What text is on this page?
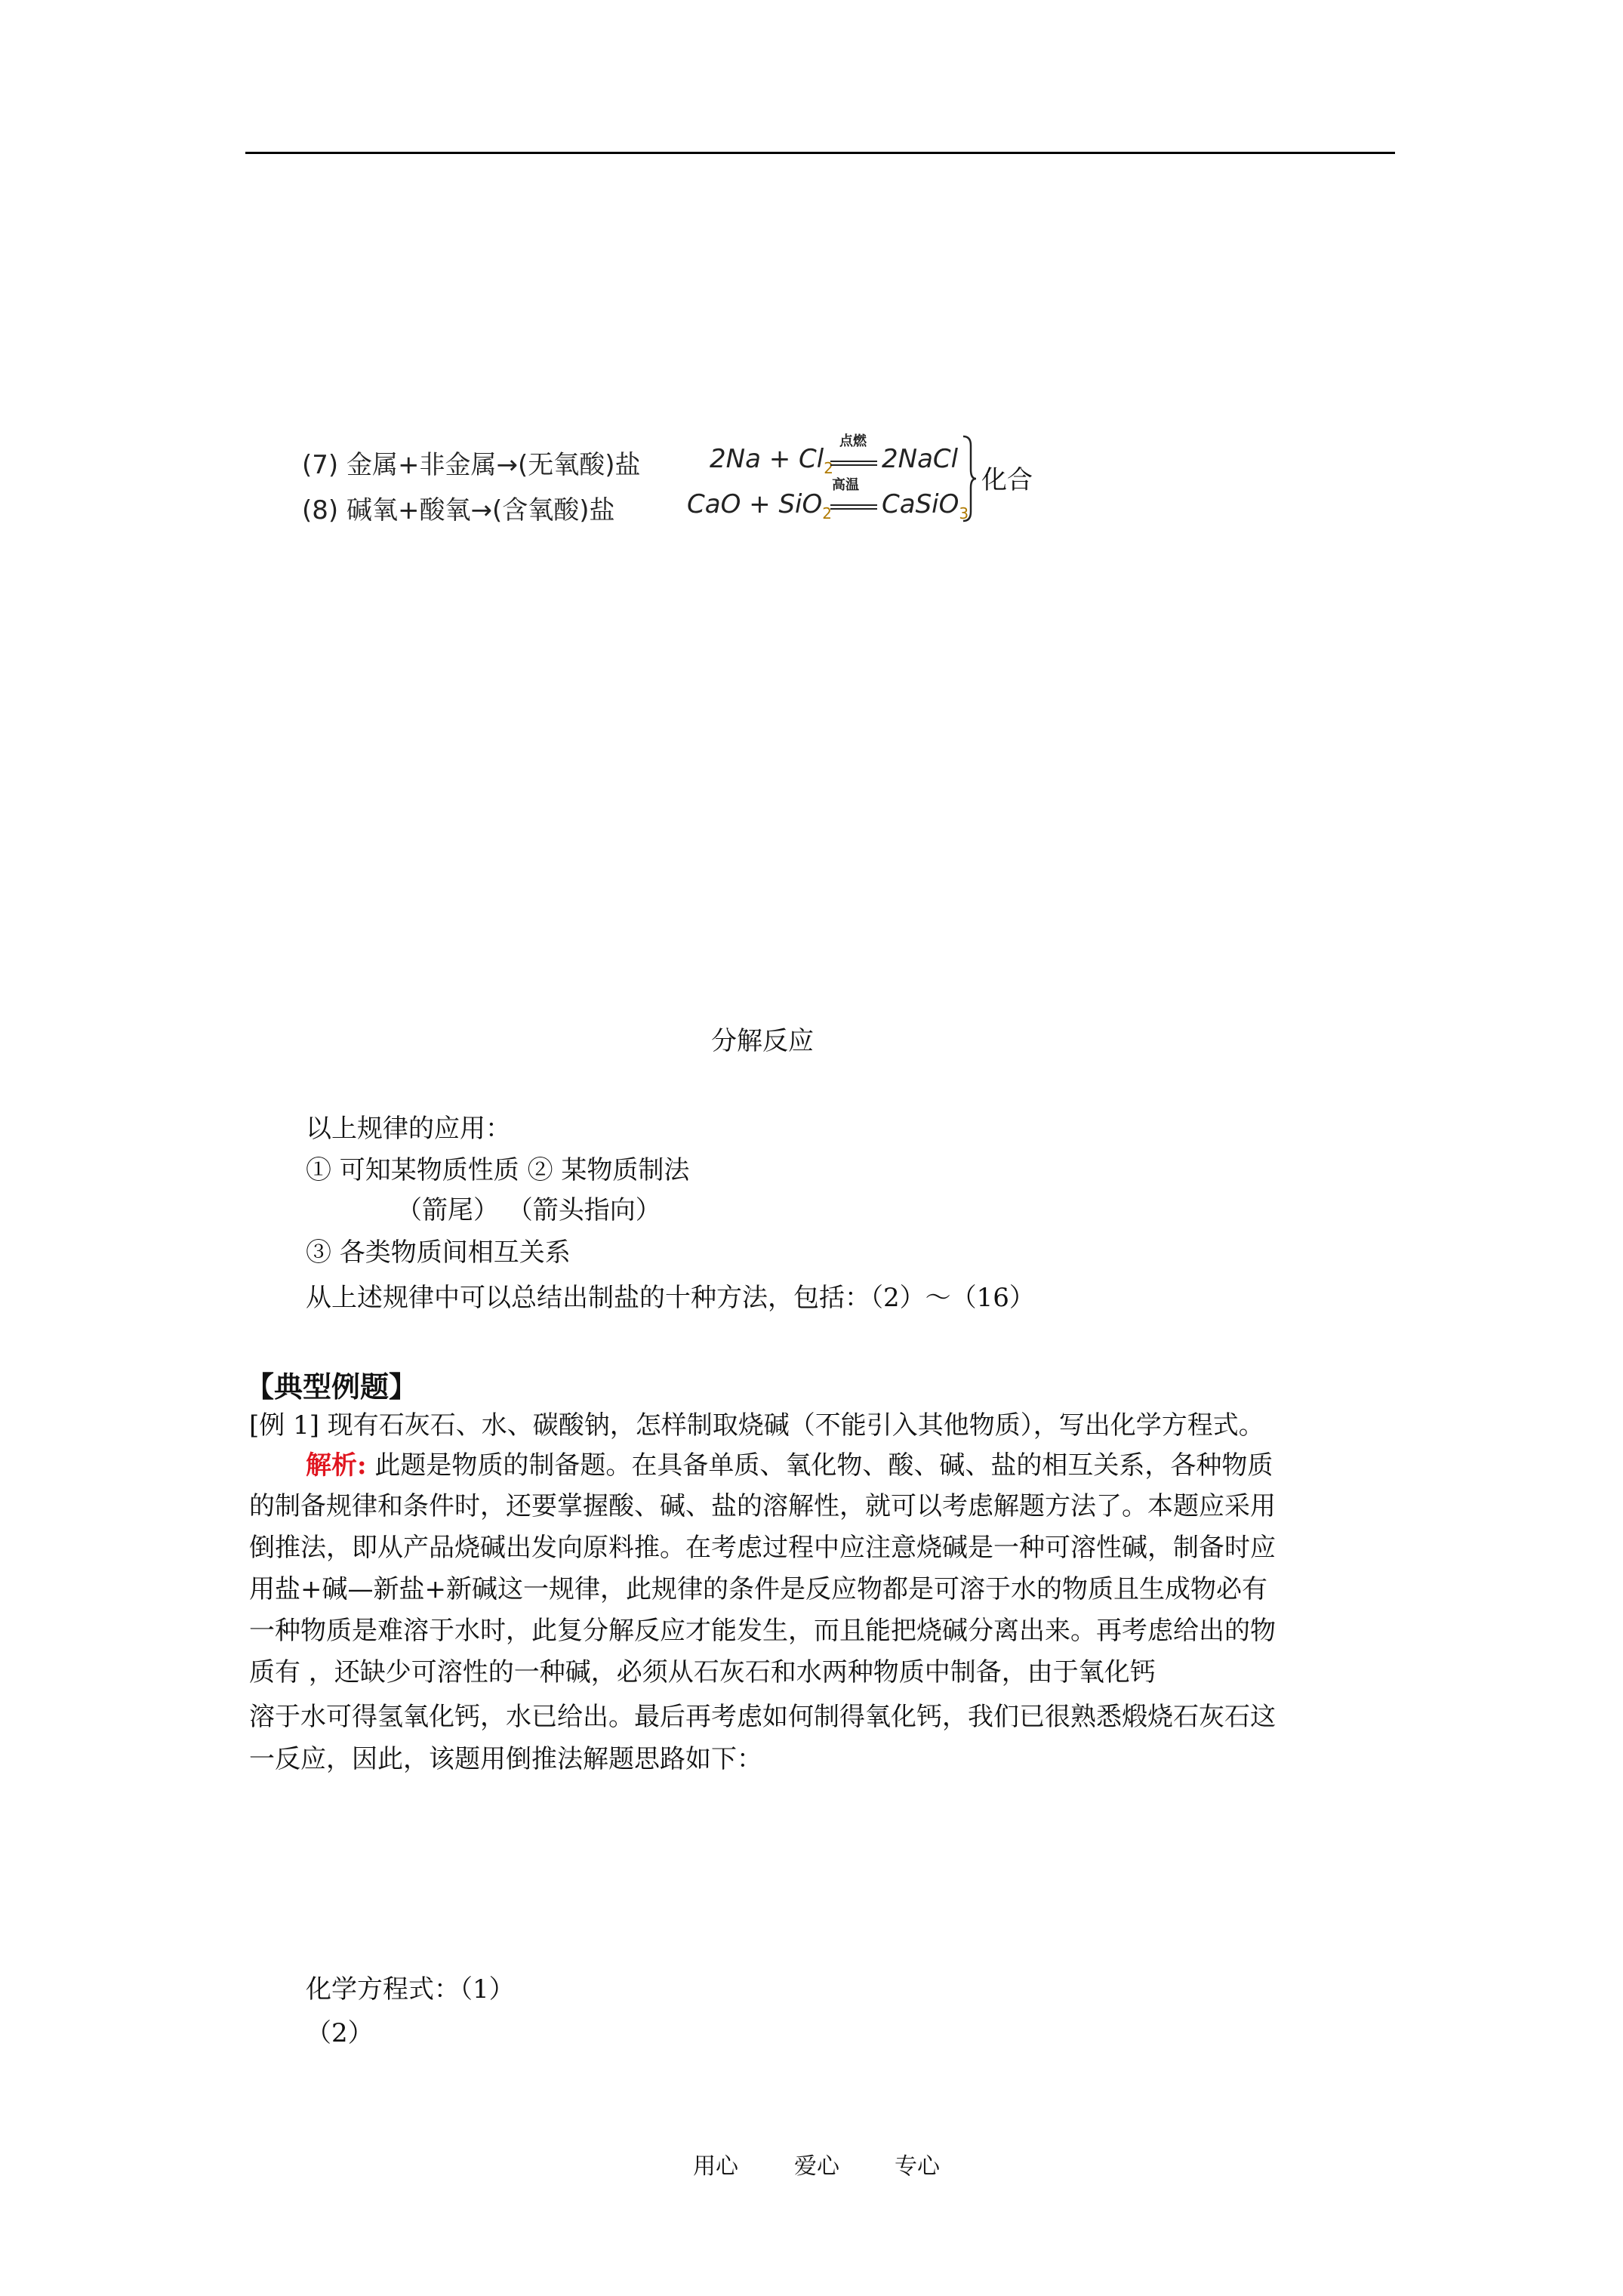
(7) 金属+非金属→(无氧酸)盐	$2Na + Cl_2$
点燃
2NaCl
(8) 碱氧+酸氧→(含氧酸)盐	CaO + SiO$_2$
高温
CaSiO$_3$
化合
分解反应
以上规律的应用：
① 可知某物质性质 ② 某物质制法
（箭尾） （箭头指向）
③ 各类物质间相互关系
从上述规律中可以总结出制盐的十种方法，包括：（2）～（16）
【典型例题】
[例 1] 现有石灰石、水、碳酸钠，怎样制取烧碱（不能引入其他物质），写出化学方程式。
解析: 此题是物质的制备题。在具备单质、氧化物、酸、碱、盐的相互关系，各种物质
的制备规律和条件时，还要掌握酸、碱、盐的溶解性，就可以考虑解题方法了。本题应采用
倒推法，即从产品烧碱出发向原料推。在考虑过程中应注意烧碱是一种可溶性碱，制备时应
用盐+碱—新盐+新碱这一规律，此规律的条件是反应物都是可溶于水的物质且生成物必有
一种物质是难溶于水时，此复分解反应才能发生，而且能把烧碱分离出来。再考虑给出的物
质有 ，还缺少可溶性的一种碱，必须从石灰石和水两种物质中制备，由于氧化钙
溶于水可得氢氧化钙，水已给出。最后再考虑如何制得氧化钙，我们已很熟悉煅烧石灰石这
一反应，因此，该题用倒推法解题思路如下：
化学方程式：（1）
（2）
用心 爱心 专心
